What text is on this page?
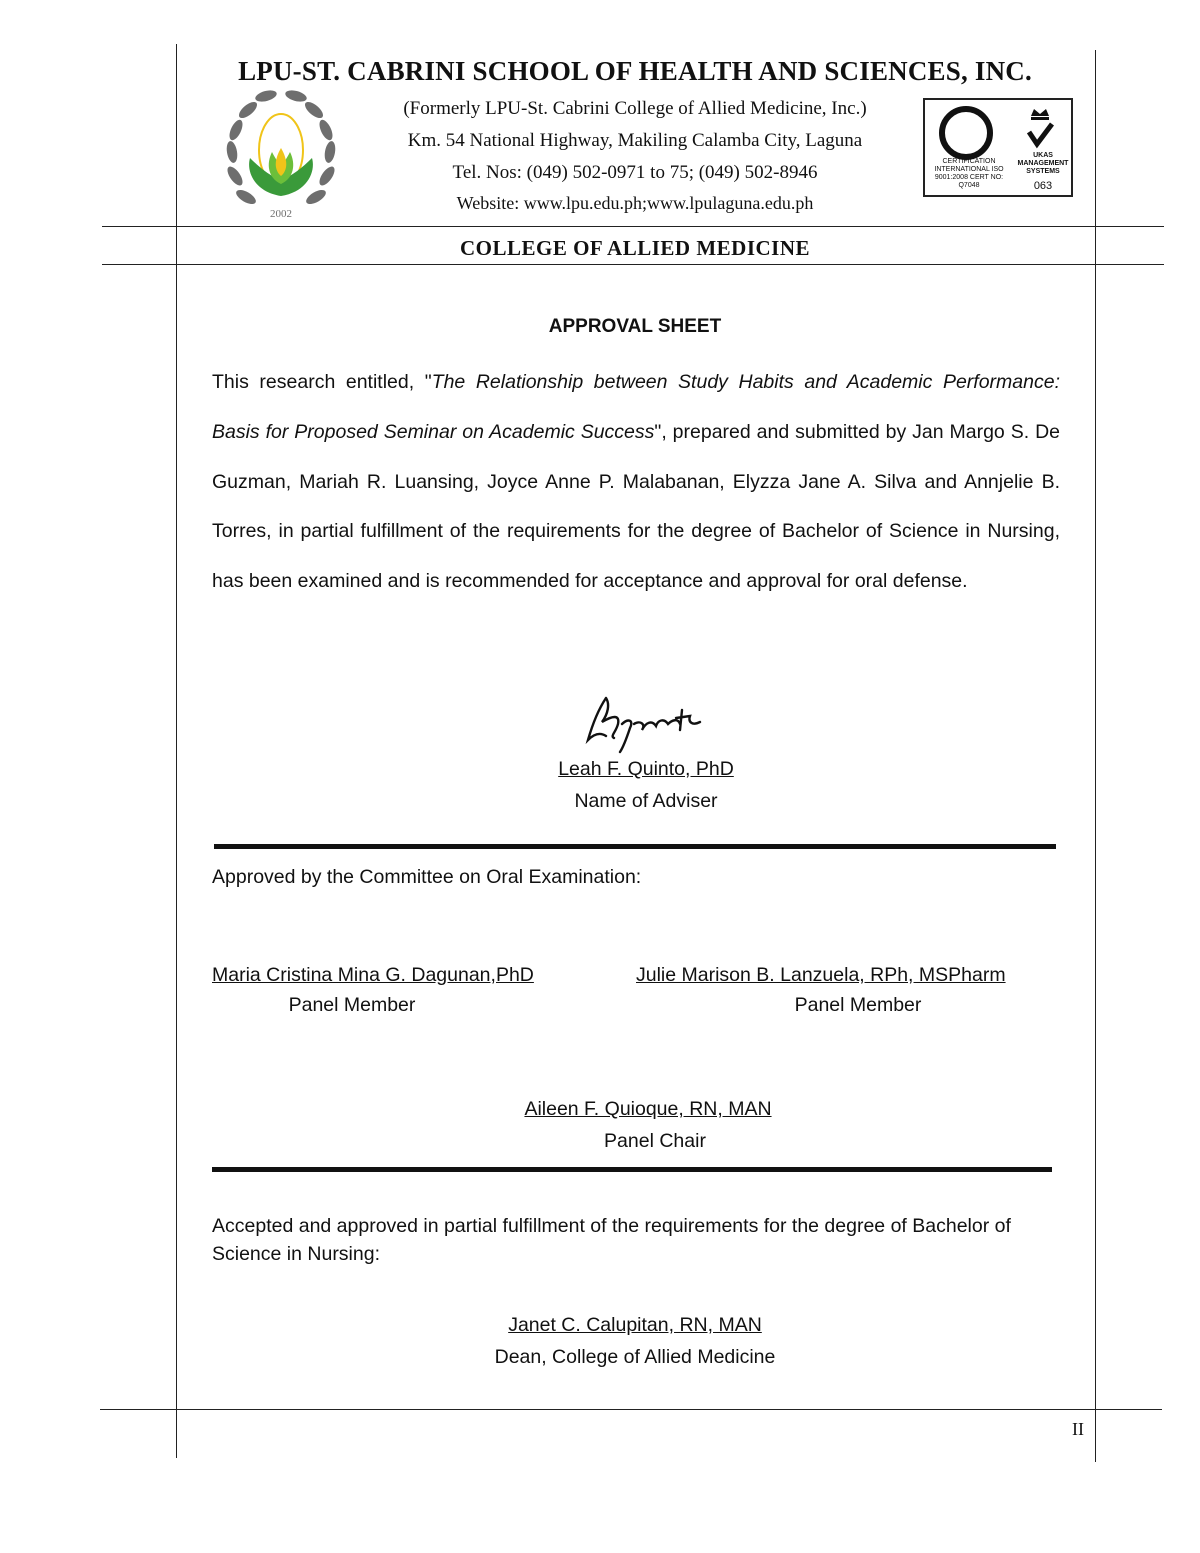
LPU-ST. CABRINI SCHOOL OF HEALTH AND SCIENCES, INC.
2002
(Formerly LPU-St. Cabrini College of Allied Medicine, Inc.)
Km. 54 National Highway, Makiling Calamba City, Laguna
Tel. Nos: (049) 502-0971 to 75; (049) 502-8946
Website: www.lpu.edu.ph;www.lpulaguna.edu.ph
CERTIFICATION INTERNATIONAL ISO 9001:2008 CERT NO: Q7048
UKAS MANAGEMENT SYSTEMS
063
COLLEGE OF ALLIED MEDICINE
APPROVAL SHEET
This research entitled, "The Relationship between Study Habits and Academic Performance: Basis for Proposed Seminar on Academic Success", prepared and submitted by Jan Margo S. De Guzman, Mariah R. Luansing, Joyce Anne P. Malabanan, Elyzza Jane A. Silva and Annjelie B. Torres, in partial fulfillment of the requirements for the degree of Bachelor of Science in Nursing, has been examined and is recommended for acceptance and approval for oral defense.
Leah F. Quinto, PhD
Name of Adviser
Approved by the Committee on Oral Examination:
Maria Cristina Mina G. Dagunan,PhD
Panel Member
Julie Marison B. Lanzuela, RPh, MSPharm
Panel Member
Aileen F. Quioque, RN, MAN
Panel Chair
Accepted and approved in partial fulfillment of the requirements for the degree of Bachelor of Science in Nursing:
Janet C. Calupitan, RN, MAN
Dean, College of Allied Medicine
II
